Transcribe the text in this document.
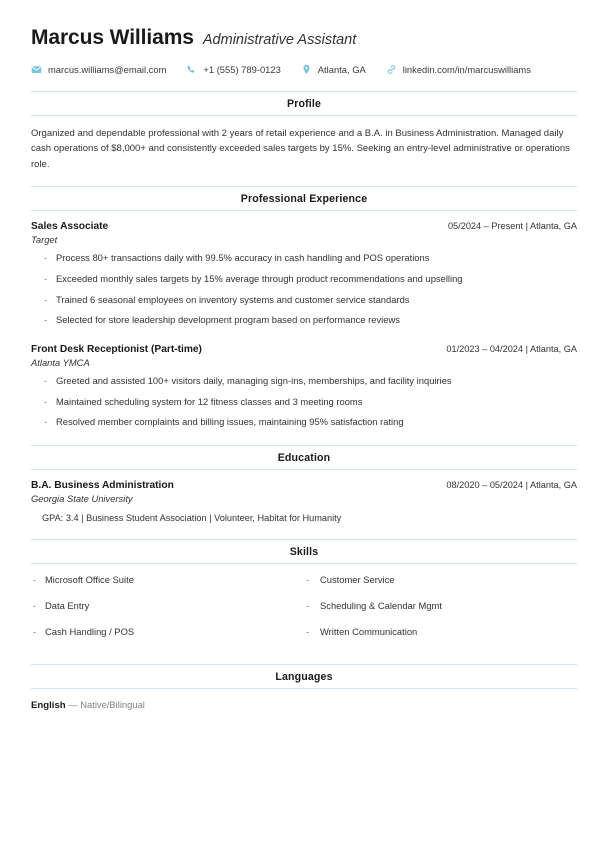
Marcus Williams Administrative Assistant
marcus.williams@email.com	+1 (555) 789-0123	Atlanta, GA	linkedin.com/in/marcuswilliams
Profile

Organized and dependable professional with 2 years of retail experience and a B.A. in Business Administration. Managed daily cash operations of $8,000+ and consistently exceeded sales targets by 15%. Seeking an entry-level administrative or operations role.

Professional Experience
Sales Associate	05/2024 – Present | Atlanta, GA
Target
- Process 80+ transactions daily with 99.5% accuracy in cash handling and POS operations
- Exceeded monthly sales targets by 15% average through product recommendations and upselling
- Trained 6 seasonal employees on inventory systems and customer service standards
- Selected for store leadership development program based on performance reviews
Front Desk Receptionist (Part-time)	01/2023 – 04/2024 | Atlanta, GA
Atlanta YMCA
- Greeted and assisted 100+ visitors daily, managing sign-ins, memberships, and facility inquiries
- Maintained scheduling system for 12 fitness classes and 3 meeting rooms
- Resolved member complaints and billing issues, maintaining 95% satisfaction rating
Education
B.A. Business Administration	08/2020 – 05/2024 | Atlanta, GA
Georgia State University
GPA: 3.4 | Business Student Association | Volunteer, Habitat for Humanity
Skills
- Microsoft Office Suite
- Data Entry
- Cash Handling / POS
- Customer Service
- Scheduling & Calendar Mgmt
- Written Communication
Languages
English — Native/Bilingual
